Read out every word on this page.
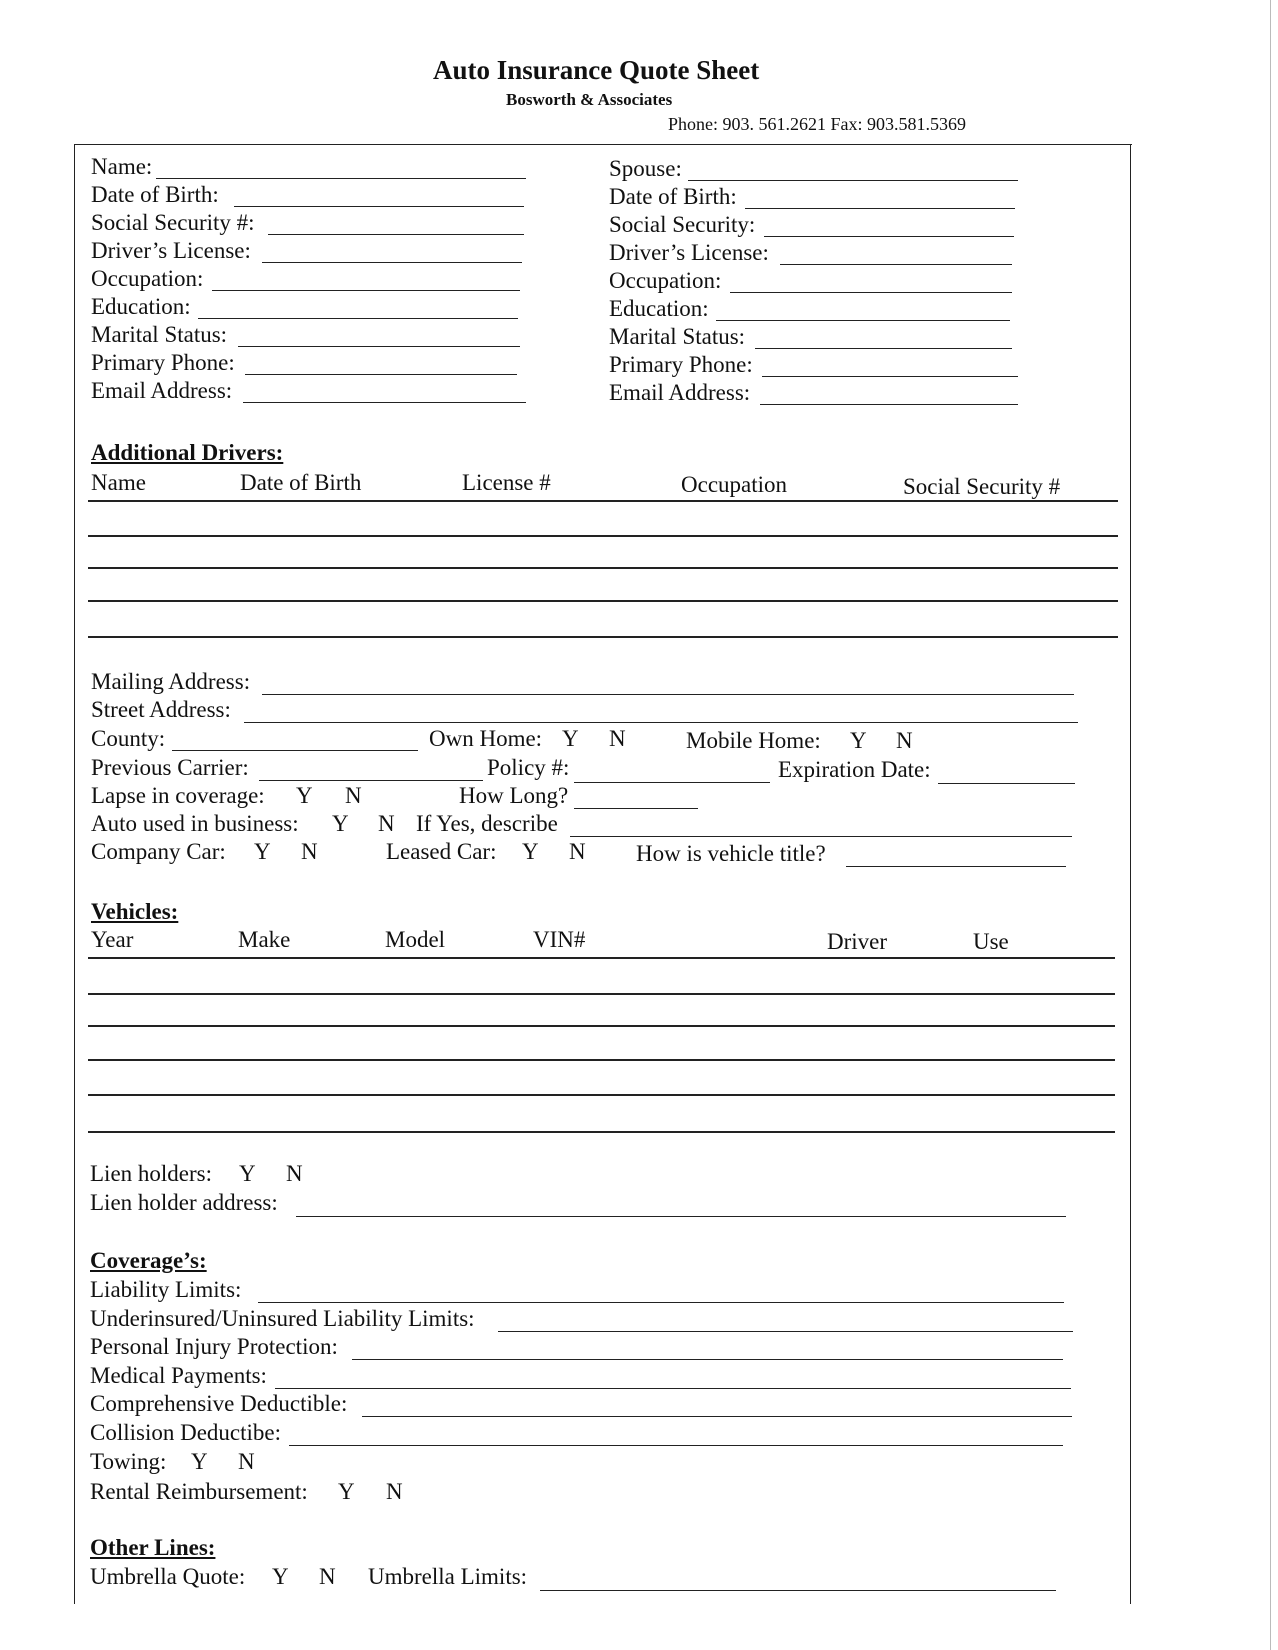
Auto Insurance Quote Sheet
Bosworth & Associates
Phone: 903. 561.2621 Fax: 903.581.5369
Name:
Date of Birth:
Social Security #:
Driver’s License:
Occupation:
Education:
Marital Status:
Primary Phone:
Email Address:
Spouse:
Date of Birth:
Social Security:
Driver’s License:
Occupation:
Education:
Marital Status:
Primary Phone:
Email Address:
Additional Drivers:
Name	Date of Birth	License #	Occupation	Social Security #
Mailing Address:
Street Address:
County:	Own Home: Y N	Mobile Home: Y N
Previous Carrier:	Policy #:	Expiration Date:
Lapse in coverage: Y N	How Long?
Auto used in business: Y N If Yes, describe
Company Car: Y N	Leased Car: Y N How is vehicle title?
Vehicles:
Year	Make	Model	VIN#	Driver	Use
Lien holders: Y N
Lien holder address:
Coverage’s:
Liability Limits:
Underinsured/Uninsured Liability Limits:
Personal Injury Protection:
Medical Payments:
Comprehensive Deductible:
Collision Deductibe:
Towing: Y N
Rental Reimbursement: Y N
Other Lines:
Umbrella Quote: Y N Umbrella Limits:
